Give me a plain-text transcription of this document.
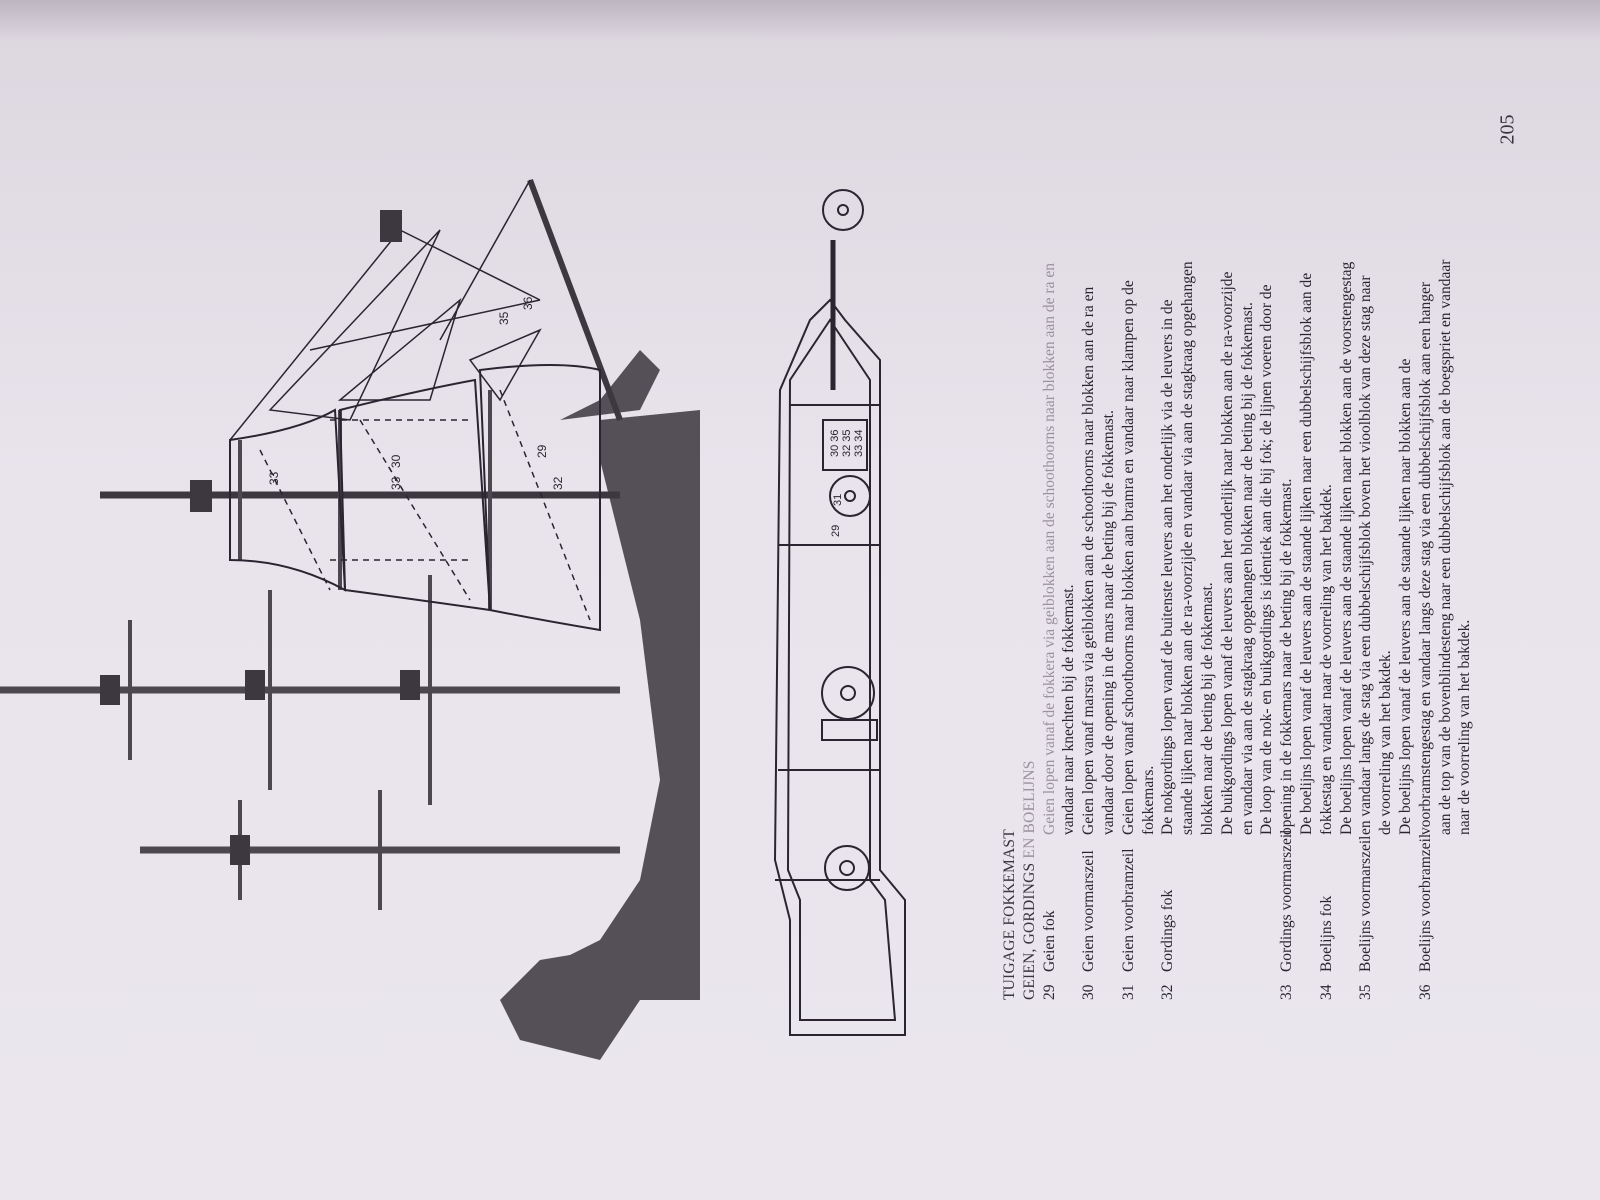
33
30
33
29
32
35
36
29
31
30 36 32 35 33 34
TUIGAGE FOKKEMAST GEIEN, GORDINGS EN BOELIJNS
29Geien fok
Geien lopen vanaf de fokkera via geiblokken aan de schoothoorns naar blokken aan de ra en vandaar naar knechten bij de fokkemast.
30Geien voormarszeil
Geien lopen vanaf marsra via geiblokken aan de schoothoorns naar blokken aan de ra en vandaar door de opening in de mars naar de beting bij de fokkemast.
31Geien voorbramzeil
Geien lopen vanaf schoothoorns naar blokken aan bramra en vandaar naar klampen op de fokkemars.
32Gordings fok
De nokgordings lopen vanaf de buitenste leuvers aan het onderlijk via de leuvers in de staande lijken naar blokken aan de ra-voorzijde en vandaar via aan de stagkraag opgehangen blokken naar de beting bij de fokkemast. De buikgordings lopen vanaf de leuvers aan het onderlijk naar blokken aan de ra-voorzijde en vandaar via aan de stagkraag opgehangen blokken naar de beting bij de fokkemast. De loop van de nok- en buikgordings is identiek aan die bij fok; de lijnen voeren door de
33Gordings voormarszeil
opening in de fokkemars naar de beting bij de fokkemast. De boelijns lopen vanaf de leuvers aan de staande lijken naar een dubbelschijfsblok aan de
34Boelijns fok
fokkestag en vandaar naar de voorreling van het bakdek. De boelijns lopen vanaf de leuvers aan de staande lijken naar blokken aan de voorstengestag
35Boelijns voormarszeil
en vandaar langs de stag via een dubbelschijfsblok boven het vioolblok van deze stag naar de voorreling van het bakdek. De boelijns lopen vanaf de leuvers aan de staande lijken naar blokken aan de
36Boelijns voorbramzeil
voorbramstengestag en vandaar langs deze stag via een dubbelschijfsblok aan een hanger aan de top van de bovenblindesteng naar een dubbelschijfsblok aan de boegspriet en vandaar naar de voorreling van het bakdek.
205
